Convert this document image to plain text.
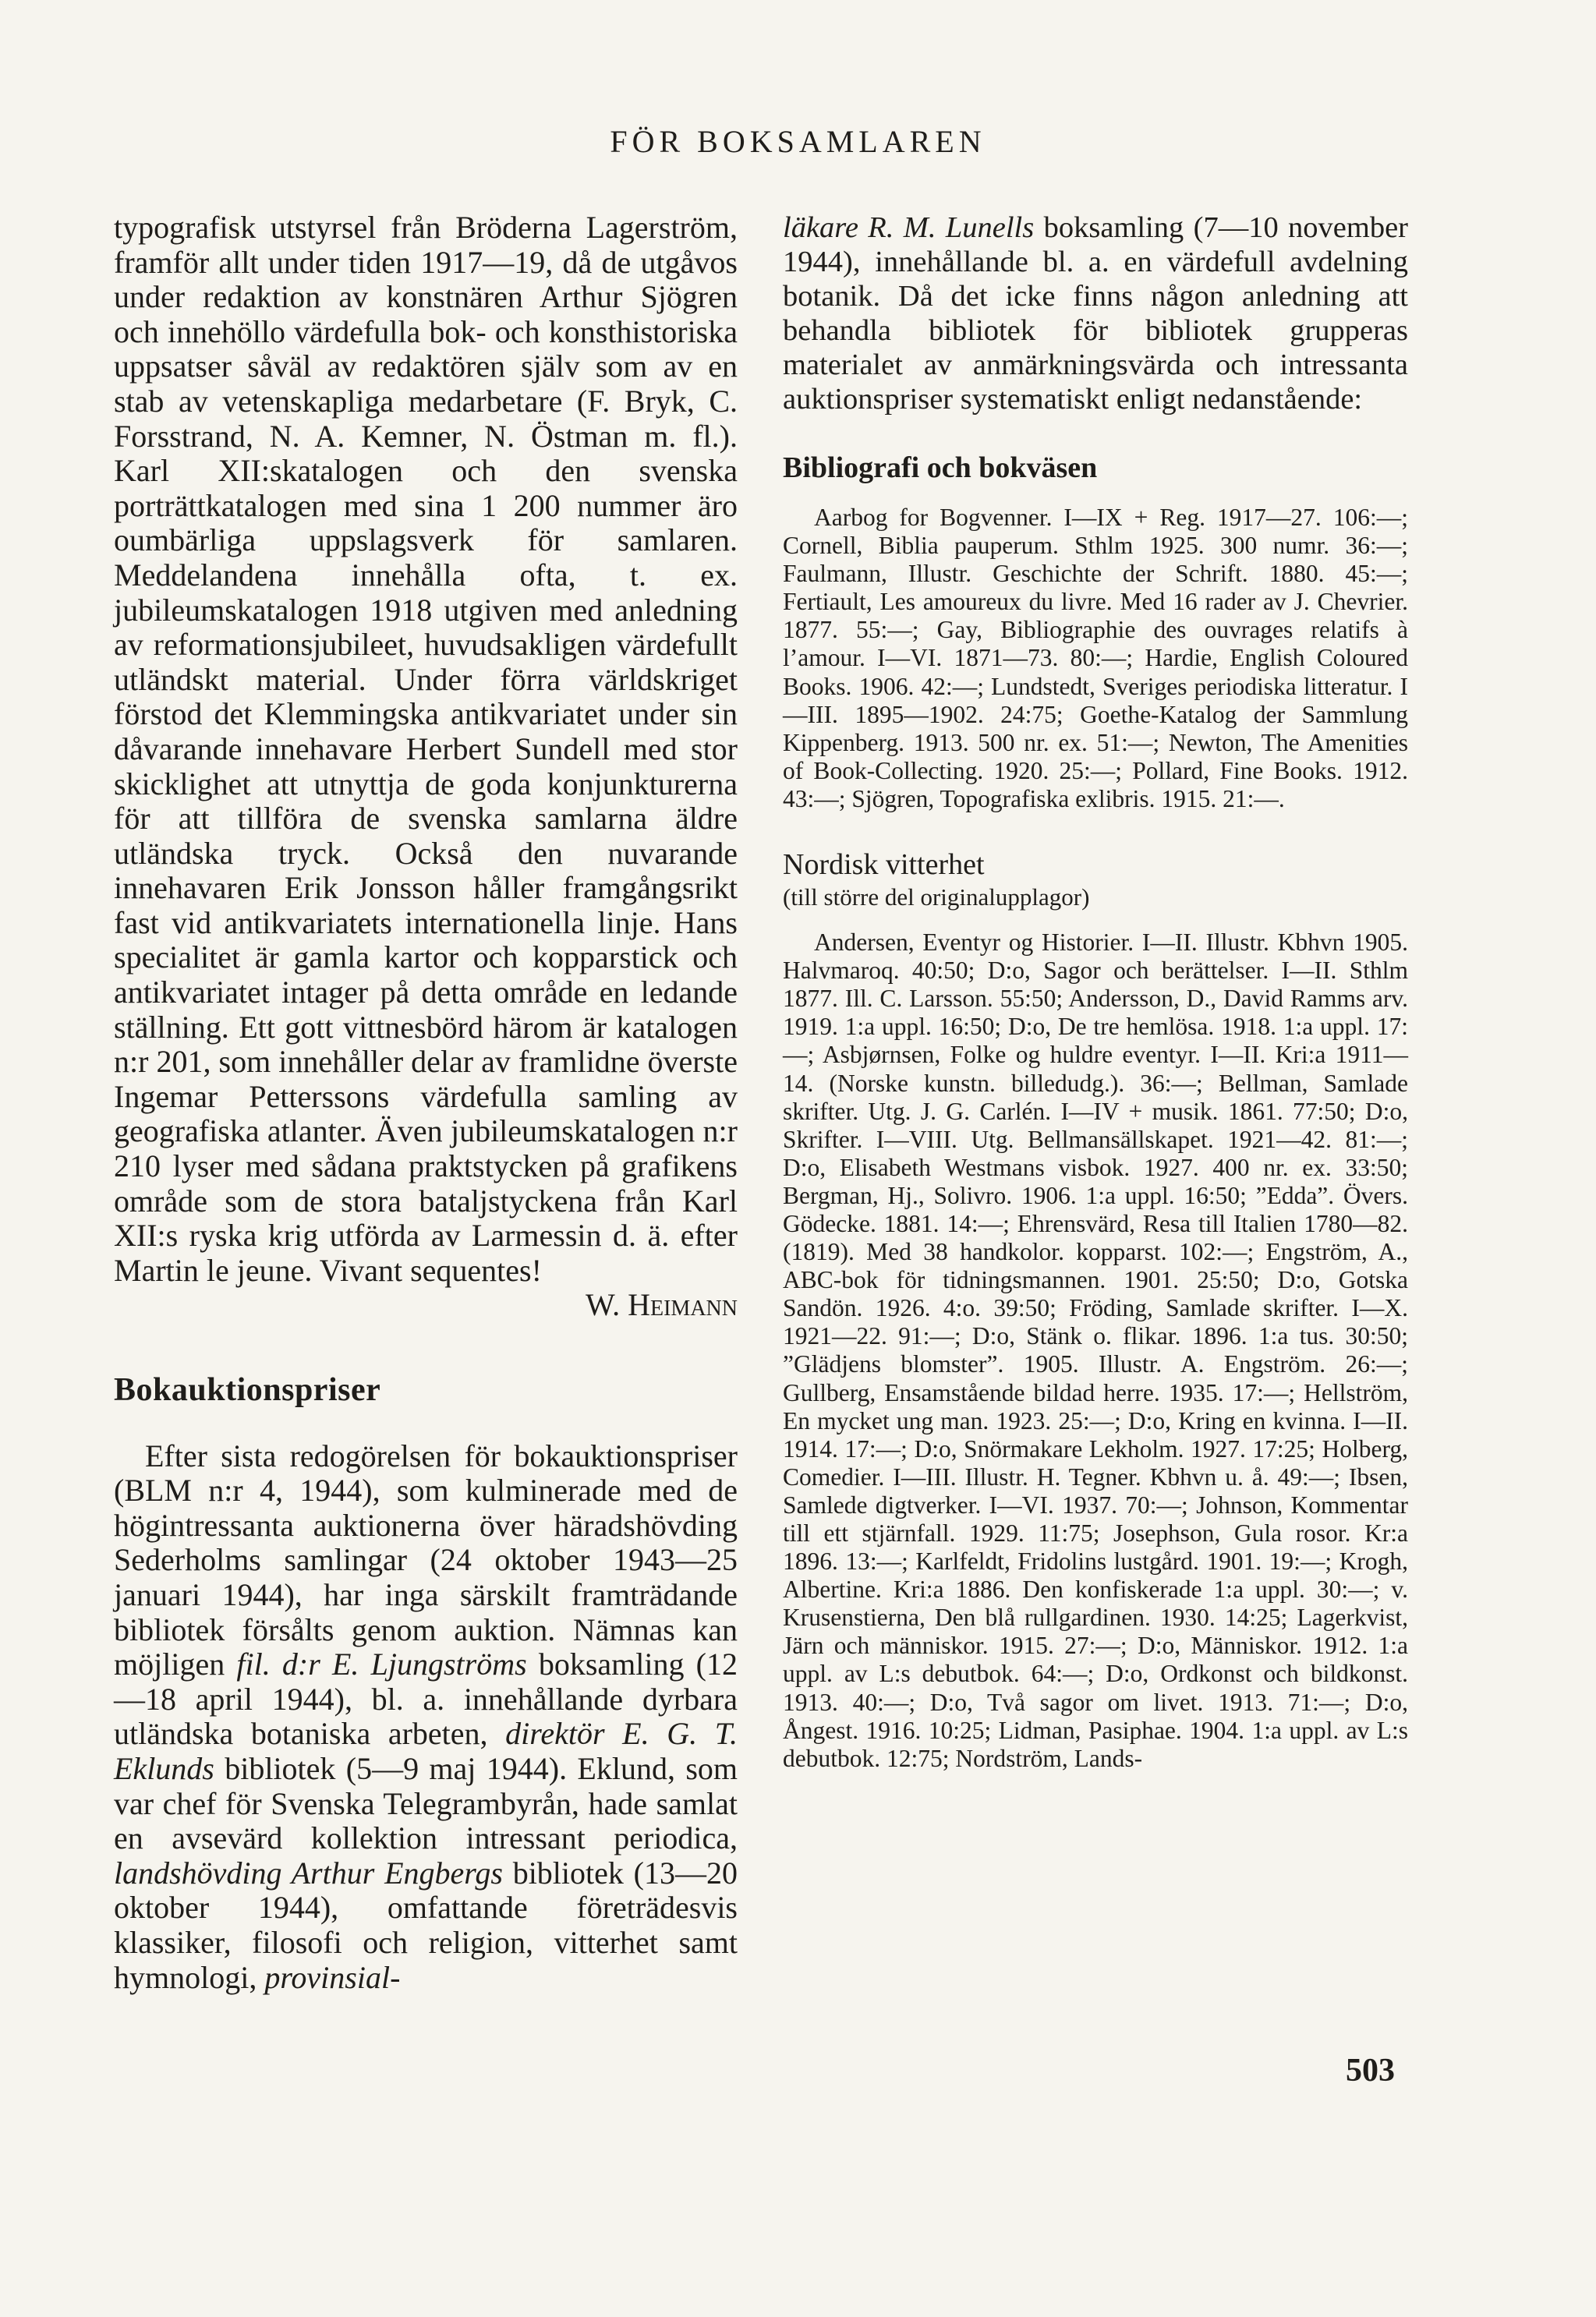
FÖR BOKSAMLAREN

typografisk utstyrsel från Bröderna Lagerström, framför allt under tiden 1917—19, då de utgåvos under redaktion av konstnären Arthur Sjögren och innehöllo värdefulla bok- och konsthistoriska uppsatser såväl av redaktören själv som av en stab av vetenskapliga medarbetare (F. Bryk, C. Forsstrand, N. A. Kemner, N. Östman m. fl.). Karl XII:skatalogen och den svenska porträttkatalogen med sina 1 200 nummer äro oumbärliga uppslagsverk för samlaren. Meddelandena innehålla ofta, t. ex. jubileumskatalogen 1918 utgiven med anledning av reformationsjubileet, huvudsakligen värdefullt utländskt material. Under förra världskriget förstod det Klemmingska antikvariatet under sin dåvarande innehavare Herbert Sundell med stor skicklighet att utnyttja de goda konjunkturerna för att tillföra de svenska samlarna äldre utländska tryck. Också den nuvarande innehavaren Erik Jonsson håller framgångsrikt fast vid antikvariatets internationella linje. Hans specialitet är gamla kartor och kopparstick och antikvariatet intager på detta område en ledande ställning. Ett gott vittnesbörd härom är katalogen n:r 201, som innehåller delar av framlidne överste Ingemar Petterssons värdefulla samling av geografiska atlanter. Även jubileumskatalogen n:r 210 lyser med sådana praktstycken på grafikens område som de stora bataljstyckena från Karl XII:s ryska krig utförda av Larmessin d. ä. efter Martin le jeune. Vivant sequentes!

W. Heimann
Bokauktionspriser

Efter sista redogörelsen för bokauktionspriser (BLM n:r 4, 1944), som kulminerade med de högintressanta auktionerna över häradshövding Sederholms samlingar (24 oktober 1943—25 januari 1944), har inga särskilt framträdande bibliotek försålts genom auktion. Nämnas kan möjligen fil. d:r E. Ljungströms boksamling (12—18 april 1944), bl. a. innehållande dyrbara utländska botaniska arbeten, direktör E. G. T. Eklunds bibliotek (5—9 maj 1944). Eklund, som var chef för Svenska Telegrambyrån, hade samlat en avsevärd kollektion intressant periodica, landshövding Arthur Engbergs bibliotek (13—20 oktober 1944), omfattande företrädesvis klassiker, filosofi och religion, vitterhet samt hymnologi, provinsial-

läkare R. M. Lunells boksamling (7—10 november 1944), innehållande bl. a. en värdefull avdelning botanik. Då det icke finns någon anledning att behandla bibliotek för bibliotek grupperas materialet av anmärkningsvärda och intressanta auktionspriser systematiskt enligt nedanstående:

Bibliografi och bokväsen

Aarbog for Bogvenner. I—IX + Reg. 1917—27. 106:—; Cornell, Biblia pauperum. Sthlm 1925. 300 numr. 36:—; Faulmann, Illustr. Geschichte der Schrift. 1880. 45:—; Fertiault, Les amoureux du livre. Med 16 rader av J. Chevrier. 1877. 55:—; Gay, Bibliographie des ouvrages relatifs à l’amour. I—VI. 1871—73. 80:—; Hardie, English Coloured Books. 1906. 42:—; Lundstedt, Sveriges periodiska litteratur. I—III. 1895—1902. 24:75; Goethe-Katalog der Sammlung Kippenberg. 1913. 500 nr. ex. 51:—; Newton, The Amenities of Book-Collecting. 1920. 25:—; Pollard, Fine Books. 1912. 43:—; Sjögren, Topografiska exlibris. 1915. 21:—.

Nordisk vitterhet
(till större del originalupplagor)

Andersen, Eventyr og Historier. I—II. Illustr. Kbhvn 1905. Halvmaroq. 40:50; D:o, Sagor och berättelser. I—II. Sthlm 1877. Ill. C. Larsson. 55:50; Andersson, D., David Ramms arv. 1919. 1:a uppl. 16:50; D:o, De tre hemlösa. 1918. 1:a uppl. 17:—; Asbjørnsen, Folke og huldre eventyr. I—II. Kri:a 1911—14. (Norske kunstn. billedudg.). 36:—; Bellman, Samlade skrifter. Utg. J. G. Carlén. I—IV + musik. 1861. 77:50; D:o, Skrifter. I—VIII. Utg. Bellmansällskapet. 1921—42. 81:—; D:o, Elisabeth Westmans visbok. 1927. 400 nr. ex. 33:50; Bergman, Hj., Solivro. 1906. 1:a uppl. 16:50; ”Edda”. Övers. Gödecke. 1881. 14:—; Ehrensvärd, Resa till Italien 1780—82. (1819). Med 38 handkolor. kopparst. 102:—; Engström, A., ABC-bok för tidningsmannen. 1901. 25:50; D:o, Gotska Sandön. 1926. 4:o. 39:50; Fröding, Samlade skrifter. I—X. 1921—22. 91:—; D:o, Stänk o. flikar. 1896. 1:a tus. 30:50; ”Glädjens blomster”. 1905. Illustr. A. Engström. 26:—; Gullberg, Ensamstående bildad herre. 1935. 17:—; Hellström, En mycket ung man. 1923. 25:—; D:o, Kring en kvinna. I—II. 1914. 17:—; D:o, Snörmakare Lekholm. 1927. 17:25; Holberg, Comedier. I—III. Illustr. H. Tegner. Kbhvn u. å. 49:—; Ibsen, Samlede digtverker. I—VI. 1937. 70:—; Johnson, Kommentar till ett stjärnfall. 1929. 11:75; Josephson, Gula rosor. Kr:a 1896. 13:—; Karlfeldt, Fridolins lustgård. 1901. 19:—; Krogh, Albertine. Kri:a 1886. Den konfiskerade 1:a uppl. 30:—; v. Krusenstierna, Den blå rullgardinen. 1930. 14:25; Lagerkvist, Järn och människor. 1915. 27:—; D:o, Människor. 1912. 1:a uppl. av L:s debutbok. 64:—; D:o, Ordkonst och bildkonst. 1913. 40:—; D:o, Två sagor om livet. 1913. 71:—; D:o, Ångest. 1916. 10:25; Lidman, Pasiphae. 1904. 1:a uppl. av L:s debutbok. 12:75; Nordström, Lands-

503
